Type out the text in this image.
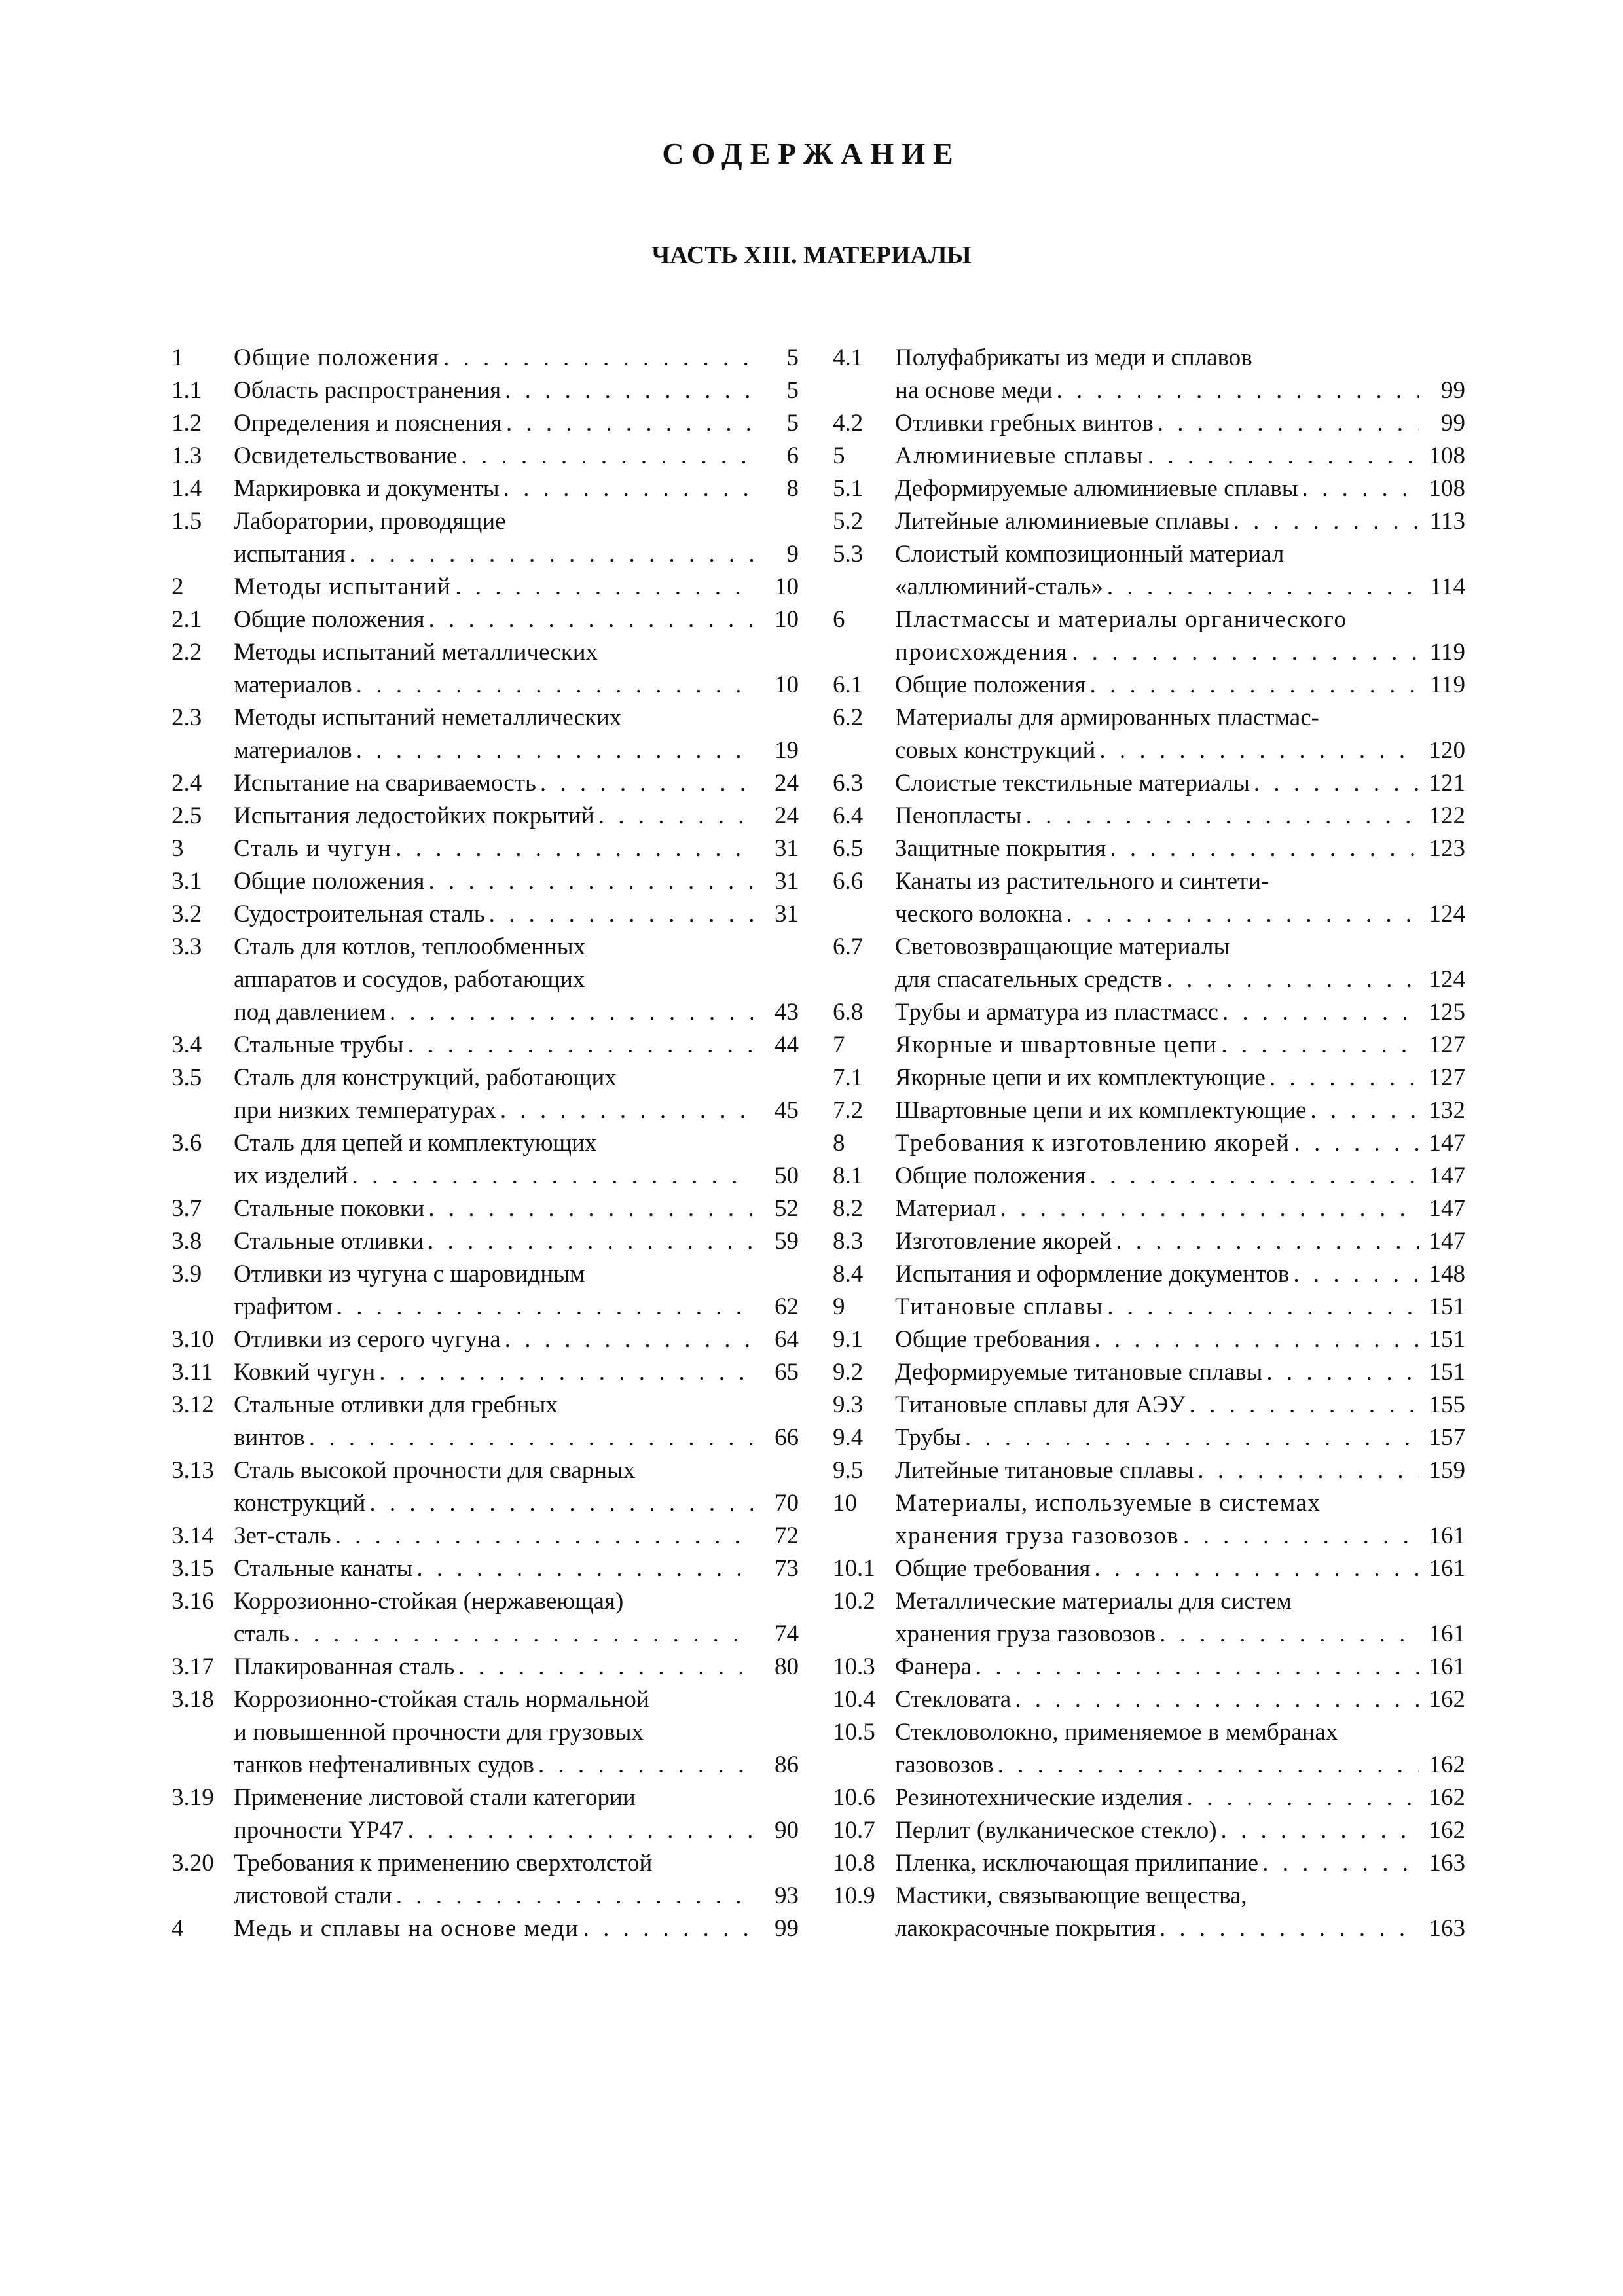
СОДЕРЖАНИЕ
ЧАСТЬ XIII. МАТЕРИАЛЫ
1	Общие положения . . .	5
1.1	Область распространения . . .	5
1.2	Определения и пояснения . . .	5
1.3	Освидетельствование . . .	6
1.4	Маркировка и документы . . .	8
1.5	Лаборатории, проводящие
испытания . . .	9
2	Методы испытаний . . .	10
2.1	Общие положения . . .	10
2.2	Методы испытаний металлических
материалов . . .	10
2.3	Методы испытаний неметаллических
материалов . . .	19
2.4	Испытание на свариваемость . . .	24
2.5	Испытания ледостойких покрытий . . .	24
3	Сталь и чугун . . .	31
3.1	Общие положения . . .	31
3.2	Судостроительная сталь . . .	31
3.3	Сталь для котлов, теплообменных
аппаратов и сосудов, работающих
под давлением . . .	43
3.4	Стальные трубы . . .	44
3.5	Сталь для конструкций, работающих
при низких температурах . . .	45
3.6	Сталь для цепей и комплектующих
их изделий . . .	50
3.7	Стальные поковки . . .	52
3.8	Стальные отливки . . .	59
3.9	Отливки из чугуна с шаровидным
графитом . . .	62
3.10 Отливки из серого чугуна . . .	64
3.11 Ковкий чугун . . .	65
3.12 Стальные отливки для гребных
винтов . . .	66
3.13 Сталь высокой прочности для сварных
конструкций . . .	70
3.14 Зет-сталь . . .	72
3.15 Стальные канаты . . .	73
3.16 Коррозионно-стойкая (нержавеющая)
сталь . . .	74
3.17 Плакированная сталь . . .	80
3.18 Коррозионно-стойкая сталь нормальной
и повышенной прочности для грузовых
танков нефтеналивных судов . . .	86
3.19 Применение листовой стали категории
прочности YP47 . . .	90
3.20 Требования к применению сверхтолстой
листовой стали . . .	93
4	Медь и сплавы на основе меди . . .	99
4.1	Полуфабрикаты из меди и сплавов
на основе меди . . .	99
4.2	Отливки гребных винтов . . .	99
5	Алюминиевые сплавы . . .	108
5.1	Деформируемые алюминиевые сплавы . . .	108
5.2	Литейные алюминиевые сплавы . . .	113
5.3	Слоистый композиционный материал
«аллюминий-сталь» . . .	114
6	Пластмассы и материалы органического
происхождения . . .	119
6.1	Общие положения . . .	119
6.2	Материалы для армированных пластмас-
совых конструкций . . .	120
6.3	Слоистые текстильные материалы . . .	121
6.4	Пенопласты . . .	122
6.5	Защитные покрытия . . .	123
6.6	Канаты из растительного и синтети-
ческого волокна . . .	124
6.7	Световозвращающие материалы
для спасательных средств . . .	124
6.8	Трубы и арматура из пластмасс . . .	125
7	Якорные и швартовные цепи . . .	127
7.1	Якорные цепи и их комплектующие . . .	127
7.2	Швартовные цепи и их комплектующие . . .	132
8	Требования к изготовлению якорей . . .	147
8.1	Общие положения . . .	147
8.2	Материал . . .	147
8.3	Изготовление якорей . . .	147
8.4	Испытания и оформление документов . . .	148
9	Титановые сплавы . . .	151
9.1	Общие требования . . .	151
9.2	Деформируемые титановые сплавы . . .	151
9.3	Титановые сплавы для АЭУ . . .	155
9.4	Трубы . . .	157
9.5	Литейные титановые сплавы . . .	159
10	Материалы, используемые в системах
хранения груза газовозов . . .	161
10.1 Общие требования . . .	161
10.2 Металлические материалы для систем
хранения груза газовозов . . .	161
10.3 Фанера . . .	161
10.4 Стекловата . . .	162
10.5 Стекловолокно, применяемое в мембранах
газовозов . . .	162
10.6 Резинотехнические изделия . . .	162
10.7 Перлит (вулканическое стекло) . . .	162
10.8 Пленка, исключающая прилипание . . .	163
10.9 Мастики, связывающие вещества,
лакокрасочные покрытия . . .	163
